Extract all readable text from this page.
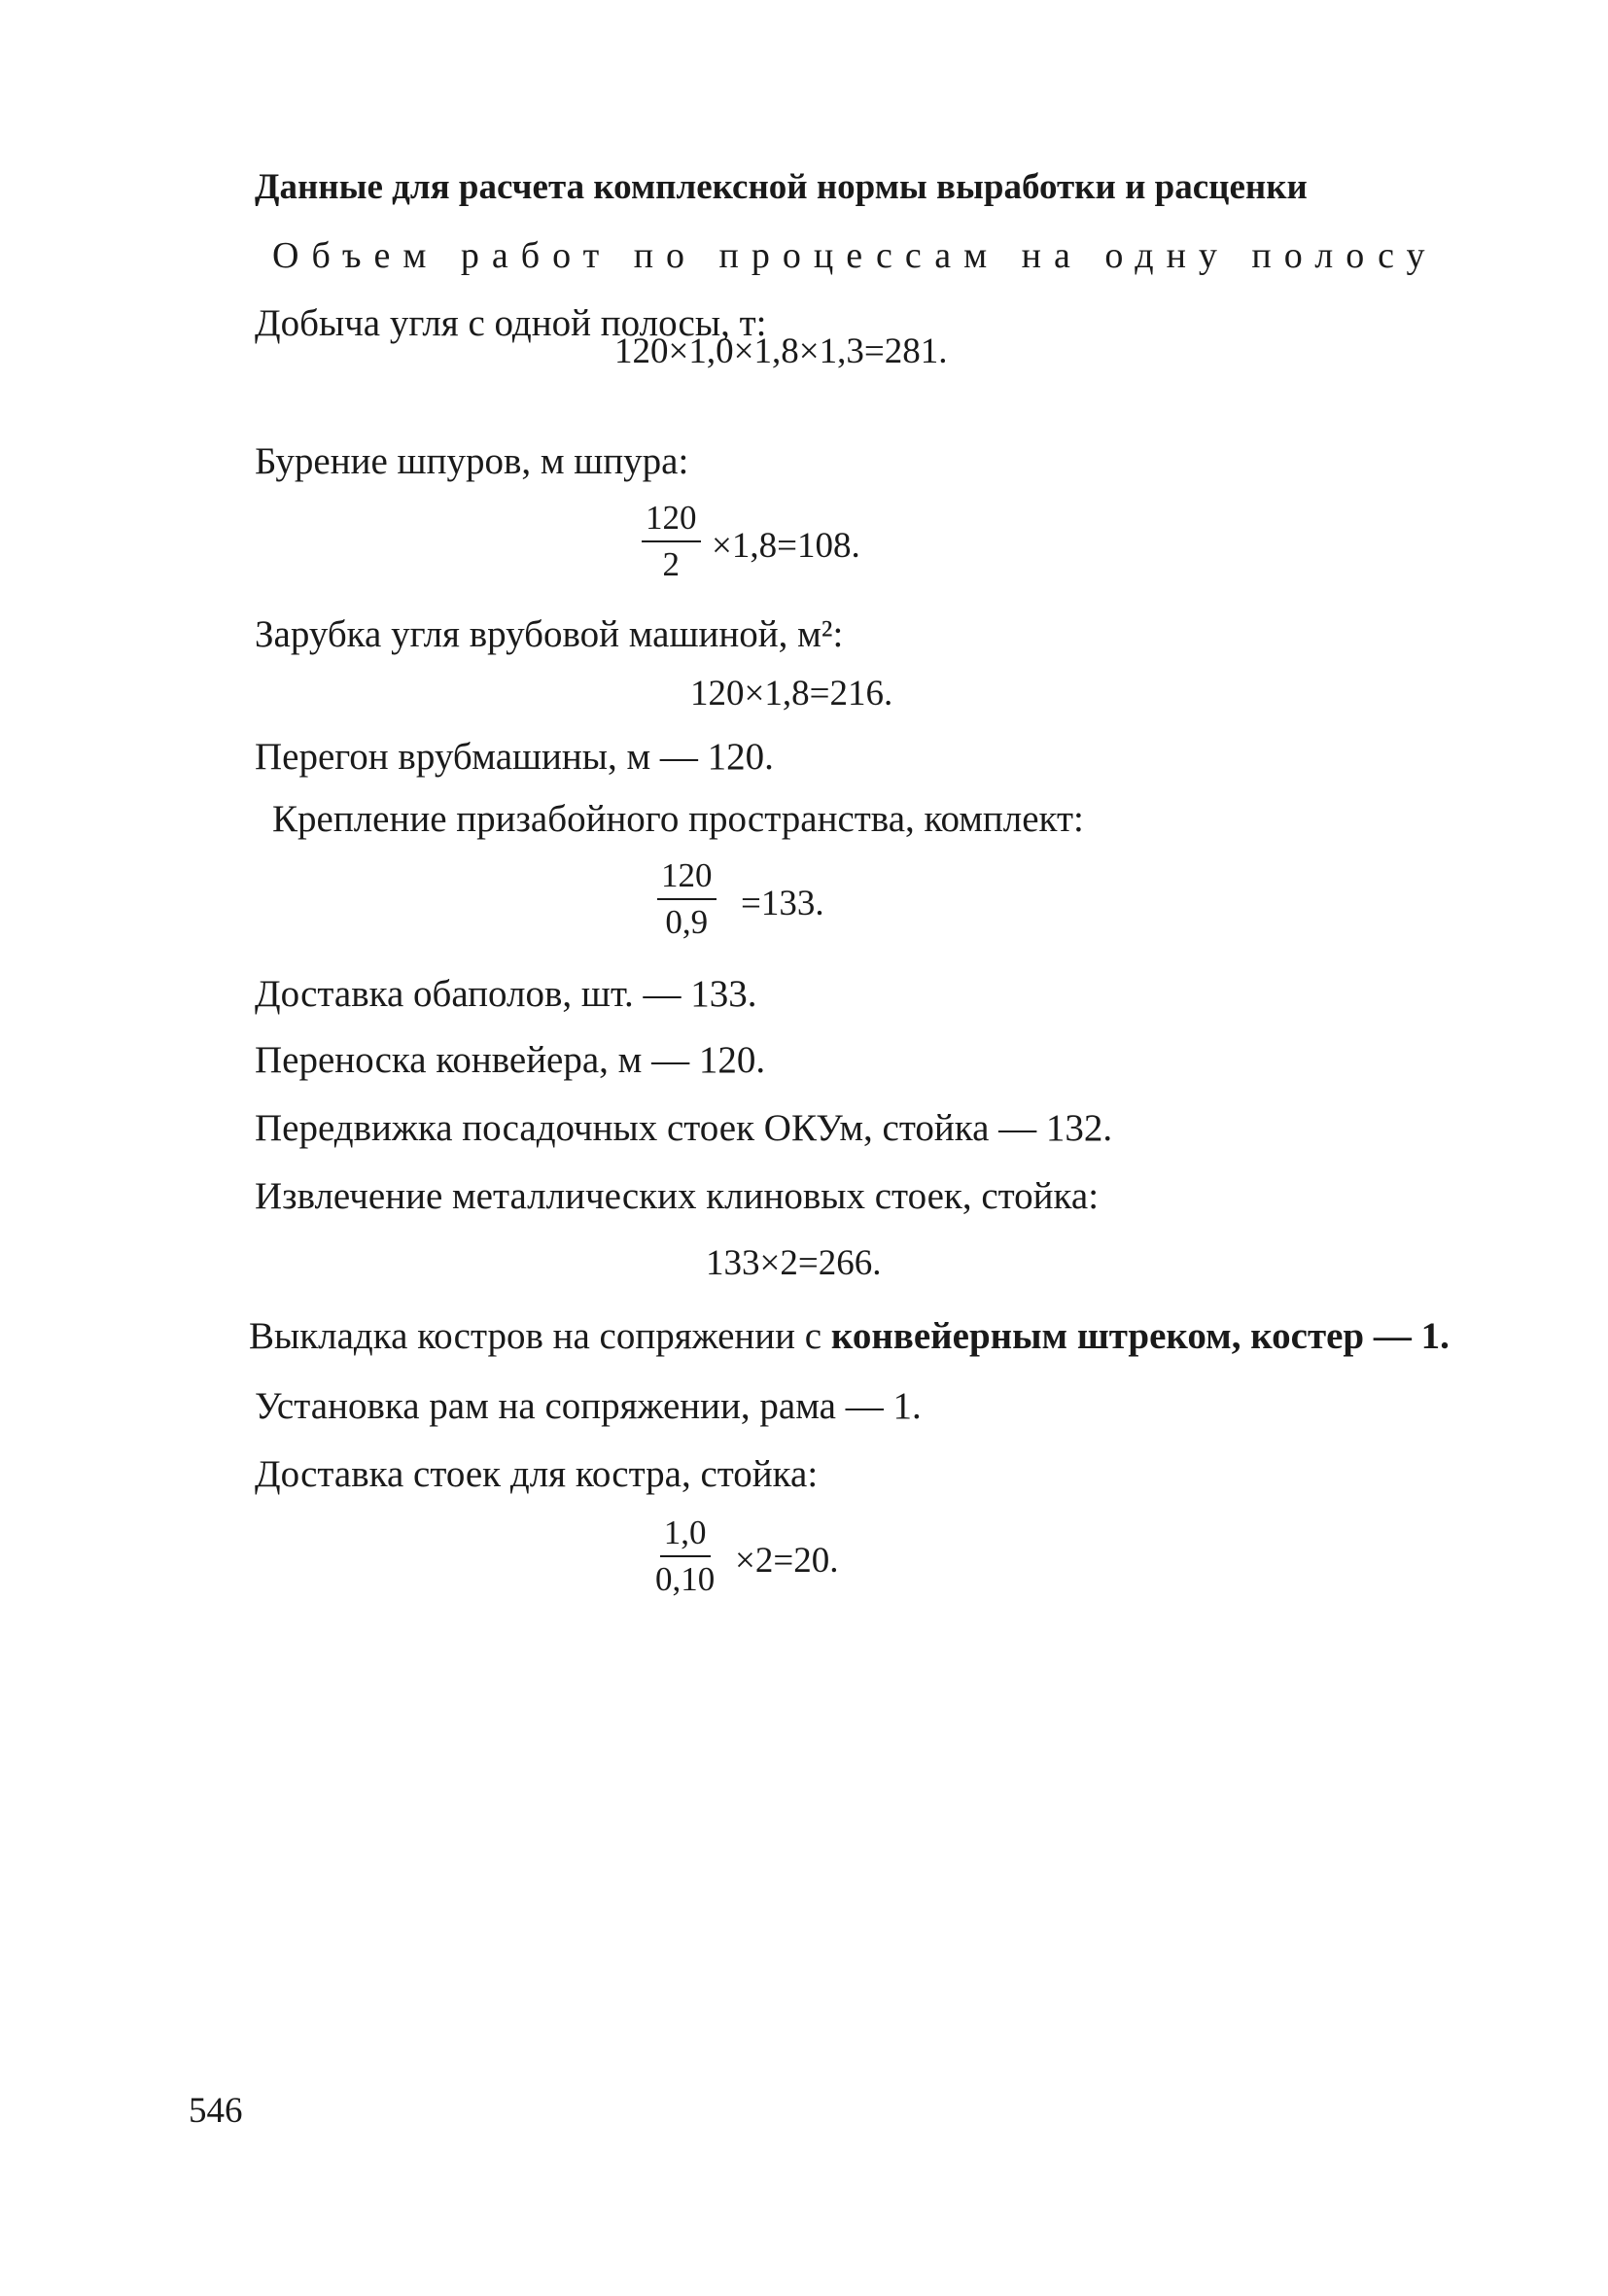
Данные для расчета комплексной нормы выработки и расценки

Объем работ по процессам на одну полосу

Добыча угля с одной полосы, т:

120×1,0×1,8×1,3=281.

Бурение шпуров, м шпура:

$\frac{120}{2} \times 1,8=108$.

Зарубка угля врубовой машиной, м²:

120×1,8=216.

Перегон врубмашины, м — 120.

Крепление призабойного пространства, комплект:

$\frac{120}{0,9} =133$.

Доставка обаполов, шт. — 133.

Переноска конвейера, м — 120.

Передвижка посадочных стоек ОКУм, стойка — 132.

Извлечение металлических клиновых стоек, стойка:

133×2=266.

Выкладка костров на сопряжении с конвейерным штреком, костер — 1.

Установка рам на сопряжении, рама — 1.

Доставка стоек для костра, стойка:

$\frac{1,0}{0,10} \times 2=20$.
546
